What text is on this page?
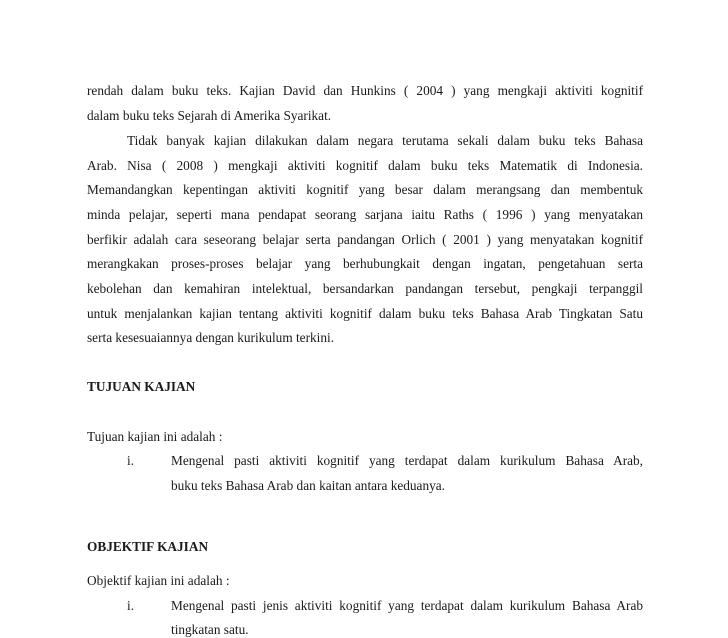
rendah dalam buku teks. Kajian David dan Hunkins ( 2004 ) yang mengkaji aktiviti kognitif
dalam buku teks Sejarah di Amerika Syarikat.
Tidak banyak kajian dilakukan dalam negara terutama sekali dalam buku teks Bahasa
Arab. Nisa ( 2008 ) mengkaji aktiviti kognitif dalam buku teks Matematik di Indonesia.
Memandangkan kepentingan aktiviti kognitif yang besar dalam merangsang dan membentuk
minda pelajar, seperti mana pendapat seorang sarjana iaitu Raths ( 1996 ) yang menyatakan
berfikir adalah cara seseorang belajar serta pandangan Orlich ( 2001 ) yang menyatakan kognitif
merangkakan proses-proses belajar yang berhubungkait dengan ingatan, pengetahuan serta
kebolehan dan kemahiran intelektual, bersandarkan pandangan tersebut, pengkaji terpanggil
untuk menjalankan kajian tentang aktiviti kognitif dalam buku teks Bahasa Arab Tingkatan Satu
serta kesesuaiannya dengan kurikulum terkini.
TUJUAN KAJIAN
Tujuan kajian ini adalah :
i.	Mengenal pasti aktiviti kognitif yang terdapat dalam kurikulum Bahasa Arab,
buku teks Bahasa Arab dan kaitan antara keduanya.
OBJEKTIF KAJIAN
Objektif kajian ini adalah :
i.	Mengenal pasti jenis aktiviti kognitif yang terdapat dalam kurikulum Bahasa Arab
tingkatan satu.
